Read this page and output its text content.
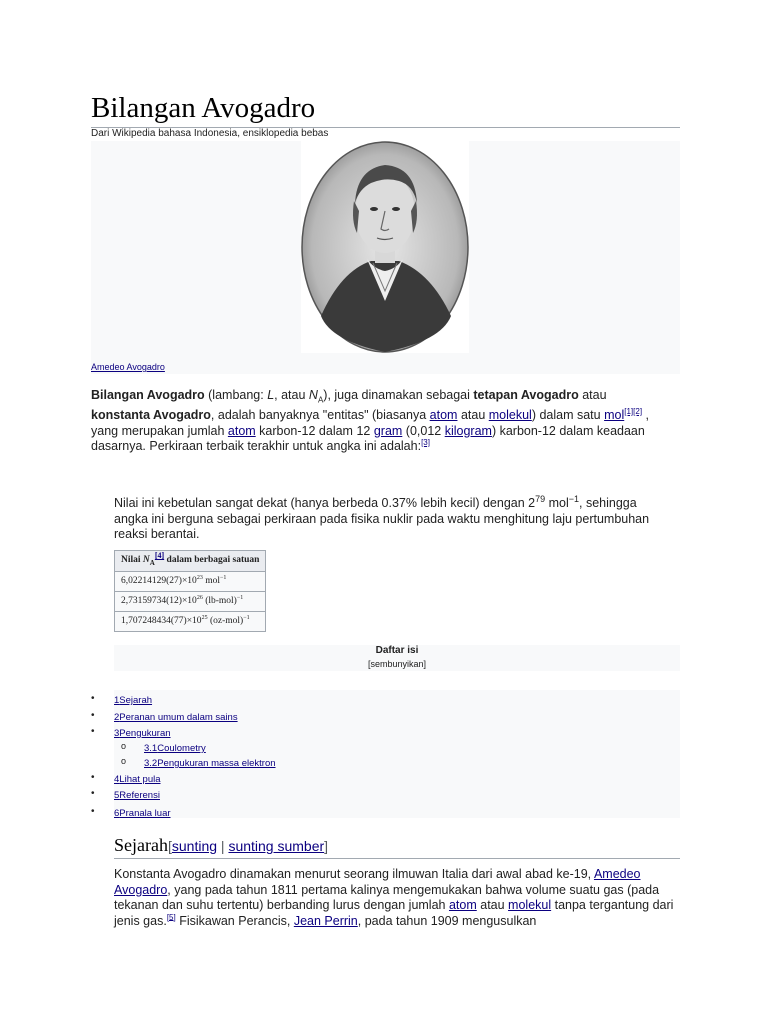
Bilangan Avogadro
Dari Wikipedia bahasa Indonesia, ensiklopedia bebas
Amedeo Avogadro

Bilangan Avogadro (lambang: L, atau $N_A$), juga dinamakan sebagai tetapan Avogadro atau konstanta Avogadro, adalah banyaknya "entitas" (biasanya atom atau molekul) dalam satu mol[1][2] , yang merupakan jumlah atom karbon-12 dalam 12 gram (0,012 kilogram) karbon-12 dalam keadaan dasarnya. Perkiraan terbaik terakhir untuk angka ini adalah:[3]

Nilai ini kebetulan sangat dekat (hanya berbeda 0.37% lebih kecil) dengan $2^{79}$ mol$^{-1}$, sehingga angka ini berguna sebagai perkiraan pada fisika nuklir pada waktu menghitung laju pertumbuhan reaksi berantai.

Nilai $N_A[4]$ dalam berbagai satuan
$6,02214129(27)\times 10^{23}$ mol$^{-1}$
$2,73159734(12)\times 10^{26}$ $(lb-mol)^{-1}$
$1,707248434(77)\times 10^{25}$ $(oz-mol)^{-1}$
Daftar isi
[sembunyikan]
• 1Sejarah
• 2Peranan umum dalam sains
• 3Pengukuran
o 3.1Coulometry
o 3.2Pengukuran massa elektron
• 4Lihat pula
• 5Referensi
• 6Pranala luar
Sejarah[sunting | sunting sumber]

Konstanta Avogadro dinamakan menurut seorang ilmuwan Italia dari awal abad ke-19, Amedeo Avogadro, yang pada tahun 1811 pertama kalinya mengemukakan bahwa volume suatu gas (pada tekanan dan suhu tertentu) berbanding lurus dengan jumlah atom atau molekul tanpa tergantung dari jenis gas.[5] Fisikawan Perancis, Jean Perrin, pada tahun 1909 mengusulkan
